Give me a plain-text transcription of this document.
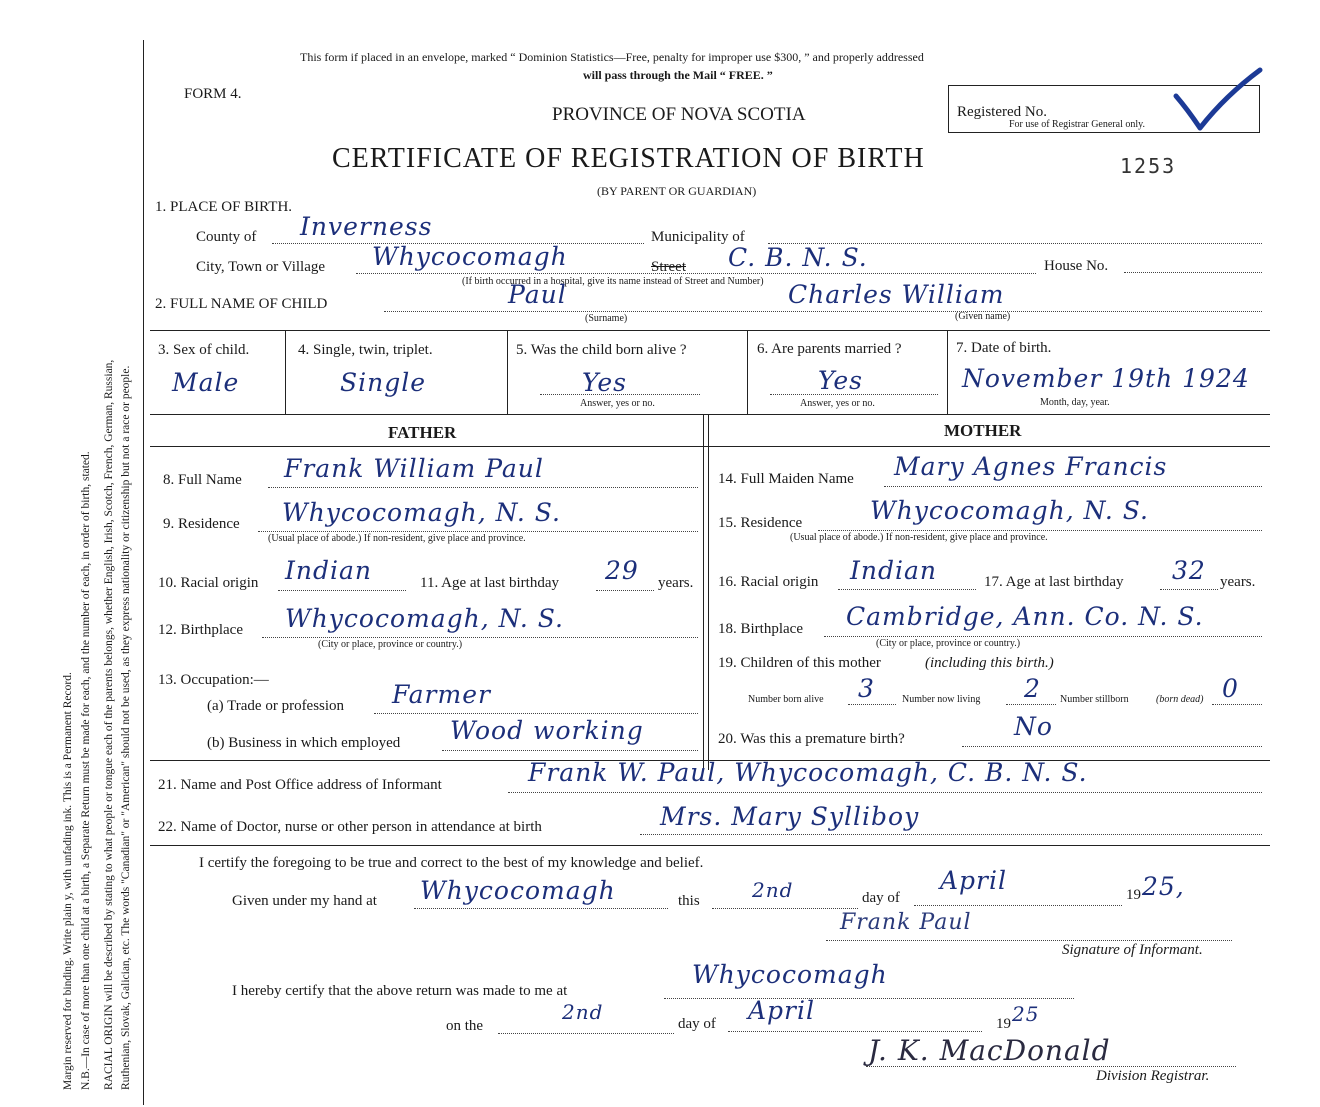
Margin reserved for binding. Write plain y, with unfading ink. This is a Permanent Record. N.B.—In case of more than one child at a birth, a Separate Return must be made for each, and the number of each, in order of birth, stated. RACIAL ORIGIN will be described by stating to what people or tongue each of the parents belongs, whether English, Irish, Scotch, French, German, Russian, Ruthenian, Slovak, Galician, etc. The words "Canadian" or "American" should not be used, as they express nationality or citizenship but not a race or people.
This form if placed in an envelope, marked “ Dominion Statistics—Free, penalty for improper use $300, ” and properly addressed
will pass through the Mail “ FREE. ”
FORM 4.
PROVINCE OF NOVA SCOTIA
CERTIFICATE OF REGISTRATION OF BIRTH
(BY PARENT OR GUARDIAN)
1253
Registered No.
For use of Registrar General only.
1. PLACE OF BIRTH.
County of Inverness	Municipality of
City, Town or Village Whycocomagh	Street C. B. N. S.	House No.
(If birth occurred in a hospital, give its name instead of Street and Number)
2. FULL NAME OF CHILD	Paul
(Surname)
Charles William
(Given name)
3. Sex of child.
Male
4. Single, twin, triplet.
Single
5. Was the child born alive ?
Yes
Answer, yes or no.
6. Are parents married ?
Yes
Answer, yes or no.
7. Date of birth.
November 19th 1924
Month, day, year.
FATHER	MOTHER
8. Full Name Frank William Paul
9. Residence Whycocomagh, N. S.
(Usual place of abode.) If non-resident, give place and province.
10. Racial origin Indian	11. Age at last birthday 29 years.
12. Birthplace Whycocomagh, N. S.
(City or place, province or country.)
13. Occupation:—
(a) Trade or profession Farmer
(b) Business in which employed Wood working
14. Full Maiden Name Mary Agnes Francis
15. Residence	Whycocomagh, N. S.
(Usual place of abode.) If non-resident, give place and province.
16. Racial origin Indian	17. Age at last birthday 32 years.
18. Birthplace Cambridge, Ann. Co. N. S.
(City or place, province or country.)
19. Children of this mother	(including this birth.)
Number born alive 3	Number now living 2 Number stillborn	(born dead) 0
20. Was this a premature birth?	No
21. Name and Post Office address of Informant	Frank W. Paul, Whycocomagh, C. B. N. S.
22. Name of Doctor, nurse or other person in attendance at birth	Mrs. Mary Sylliboy
I certify the foregoing to be true and correct to the best of my knowledge and belief.
Given under my hand at Whycocomagh	this	2nd	day of
April	19 25,
Frank Paul
Signature of Informant.
I hereby certify that the above return was made to me at
Whycocomagh
on the
2nd	day of April	19 25
J. K. MacDonald
Division Registrar.
